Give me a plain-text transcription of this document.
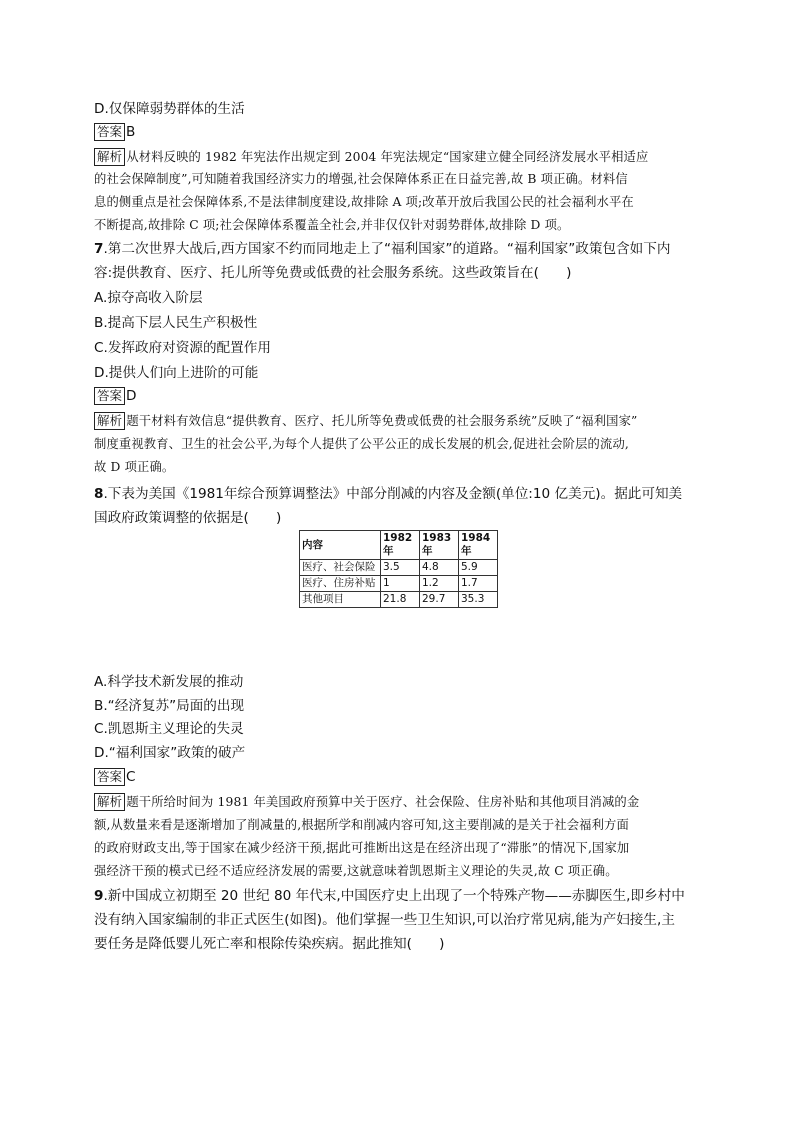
D.仅保障弱势群体的生活
答案 B
解析 从材料反映的 1982 年宪法作出规定到 2004 年宪法规定“国家建立健全同经济发展水平相适应
的社会保障制度”,可知随着我国经济实力的增强,社会保障体系正在日益完善,故 B 项正确。材料信
息的侧重点是社会保障体系,不是法律制度建设,故排除 A 项;改革开放后我国公民的社会福利水平在
不断提高,故排除 C 项;社会保障体系覆盖全社会,并非仅仅针对弱势群体,故排除 D 项。
7.第二次世界大战后,西方国家不约而同地走上了“福利国家”的道路。“福利国家”政策包含如下内
容:提供教育、医疗、托儿所等免费或低费的社会服务系统。这些政策旨在(　　)
A.掠夺高收入阶层
B.提高下层人民生产积极性
C.发挥政府对资源的配置作用
D.提供人们向上进阶的可能
答案 D
解析 题干材料有效信息“提供教育、医疗、托儿所等免费或低费的社会服务系统”反映了“福利国家”
制度重视教育、卫生的社会公平,为每个人提供了公平公正的成长发展的机会,促进社会阶层的流动,
故 D 项正确。
8.下表为美国《1981年综合预算调整法》中部分削减的内容及金额(单位:10 亿美元)。据此可知美
国政府政策调整的依据是(　　)
内容	1982 年	1983 年	1984 年
医疗、社会保险	3.5	4.8	5.9
医疗、住房补贴	1	1.2	1.7
其他项目	21.8	29.7	35.3
A.科学技术新发展的推动
B.“经济复苏”局面的出现
C.凯恩斯主义理论的失灵
D.“福利国家”政策的破产
答案 C
解析 题干所给时间为 1981 年美国政府预算中关于医疗、社会保险、住房补贴和其他项目消减的金
额,从数量来看是逐渐增加了削减量的,根据所学和削减内容可知,这主要削减的是关于社会福利方面
的政府财政支出,等于国家在减少经济干预,据此可推断出这是在经济出现了“滞胀”的情况下,国家加
强经济干预的模式已经不适应经济发展的需要,这就意味着凯恩斯主义理论的失灵,故 C 项正确。
9.新中国成立初期至 20 世纪 80 年代末,中国医疗史上出现了一个特殊产物——赤脚医生,即乡村中
没有纳入国家编制的非正式医生(如图)。他们掌握一些卫生知识,可以治疗常见病,能为产妇接生,主
要任务是降低婴儿死亡率和根除传染疾病。据此推知(　　)
